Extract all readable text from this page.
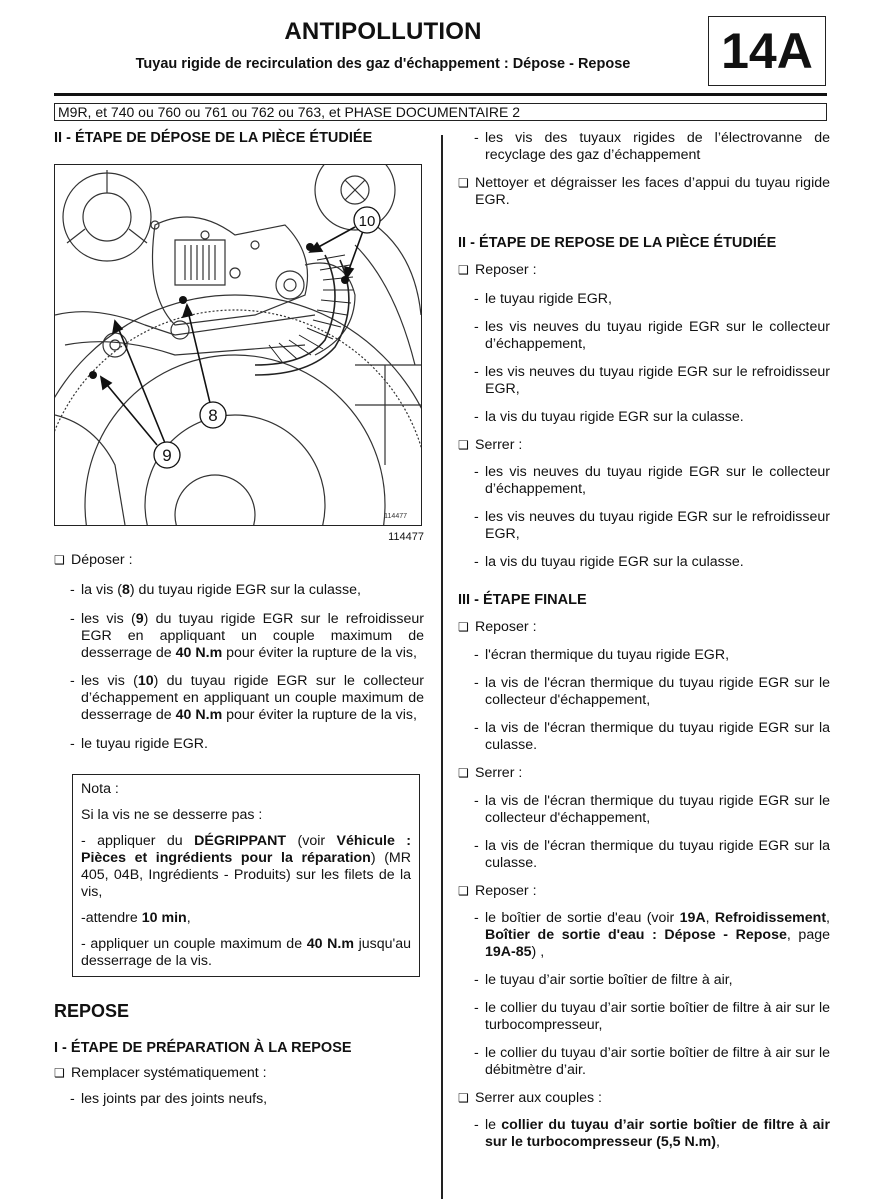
ANTIPOLLUTION
Tuyau rigide de recirculation des gaz d'échappement : Dépose - Repose	14A
M9R, et 740 ou 760 ou 761 ou 762 ou 763, et PHASE DOCUMENTAIRE 2

II - ÉTAPE DE DÉPOSE DE LA PIÈCE ÉTUDIÉE

8
9
10
114477
114477

❑ Déposer :

- la vis (8) du tuyau rigide EGR sur la culasse,

- les vis (9) du tuyau rigide EGR sur le refroidisseur EGR en appliquant un couple maximum de desserrage de 40 N.m pour éviter la rupture de la vis,

- les vis (10) du tuyau rigide EGR sur le collecteur d’échappement en appliquant un couple maximum de desserrage de 40 N.m pour éviter la rupture de la vis,

- le tuyau rigide EGR.

Nota :

Si la vis ne se desserre pas :

- appliquer du DÉGRIPPANT (voir Véhicule : Pièces et ingrédients pour la réparation) (MR 405, 04B, Ingrédients - Produits) sur les filets de la vis,

-attendre 10 min,

- appliquer un couple maximum de 40 N.m jusqu'au desserrage de la vis.

REPOSE

I - ÉTAPE DE PRÉPARATION À LA REPOSE

❑ Remplacer systématiquement :

- les joints par des joints neufs,

- les vis des tuyaux rigides de l’électrovanne de recyclage des gaz d’échappement

❑ Nettoyer et dégraisser les faces d’appui du tuyau rigide EGR.

II - ÉTAPE DE REPOSE DE LA PIÈCE ÉTUDIÉE

❑ Reposer :

- le tuyau rigide EGR,

- les vis neuves du tuyau rigide EGR sur le collecteur d’échappement,

- les vis neuves du tuyau rigide EGR sur le refroidisseur EGR,

- la vis du tuyau rigide EGR sur la culasse.

❑ Serrer :

- les vis neuves du tuyau rigide EGR sur le collecteur d’échappement,

- les vis neuves du tuyau rigide EGR sur le refroidisseur EGR,

- la vis du tuyau rigide EGR sur la culasse.

III - ÉTAPE FINALE

❑ Reposer :

- l'écran thermique du tuyau rigide EGR,

- la vis de l'écran thermique du tuyau rigide EGR sur le collecteur d'échappement,

- la vis de l'écran thermique du tuyau rigide EGR sur la culasse.

❑ Serrer :

- la vis de l'écran thermique du tuyau rigide EGR sur le collecteur d'échappement,

- la vis de l'écran thermique du tuyau rigide EGR sur la culasse.

❑ Reposer :

- le boîtier de sortie d'eau (voir 19A, Refroidissement, Boîtier de sortie d'eau : Dépose - Repose, page 19A-85) ,

- le tuyau d’air sortie boîtier de filtre à air,

- le collier du tuyau d’air sortie boîtier de filtre à air sur le turbocompresseur,

- le collier du tuyau d’air sortie boîtier de filtre à air sur le débitmètre d’air.

❑ Serrer aux couples :

- le collier du tuyau d’air sortie boîtier de filtre à air sur le turbocompresseur (5,5 N.m),
